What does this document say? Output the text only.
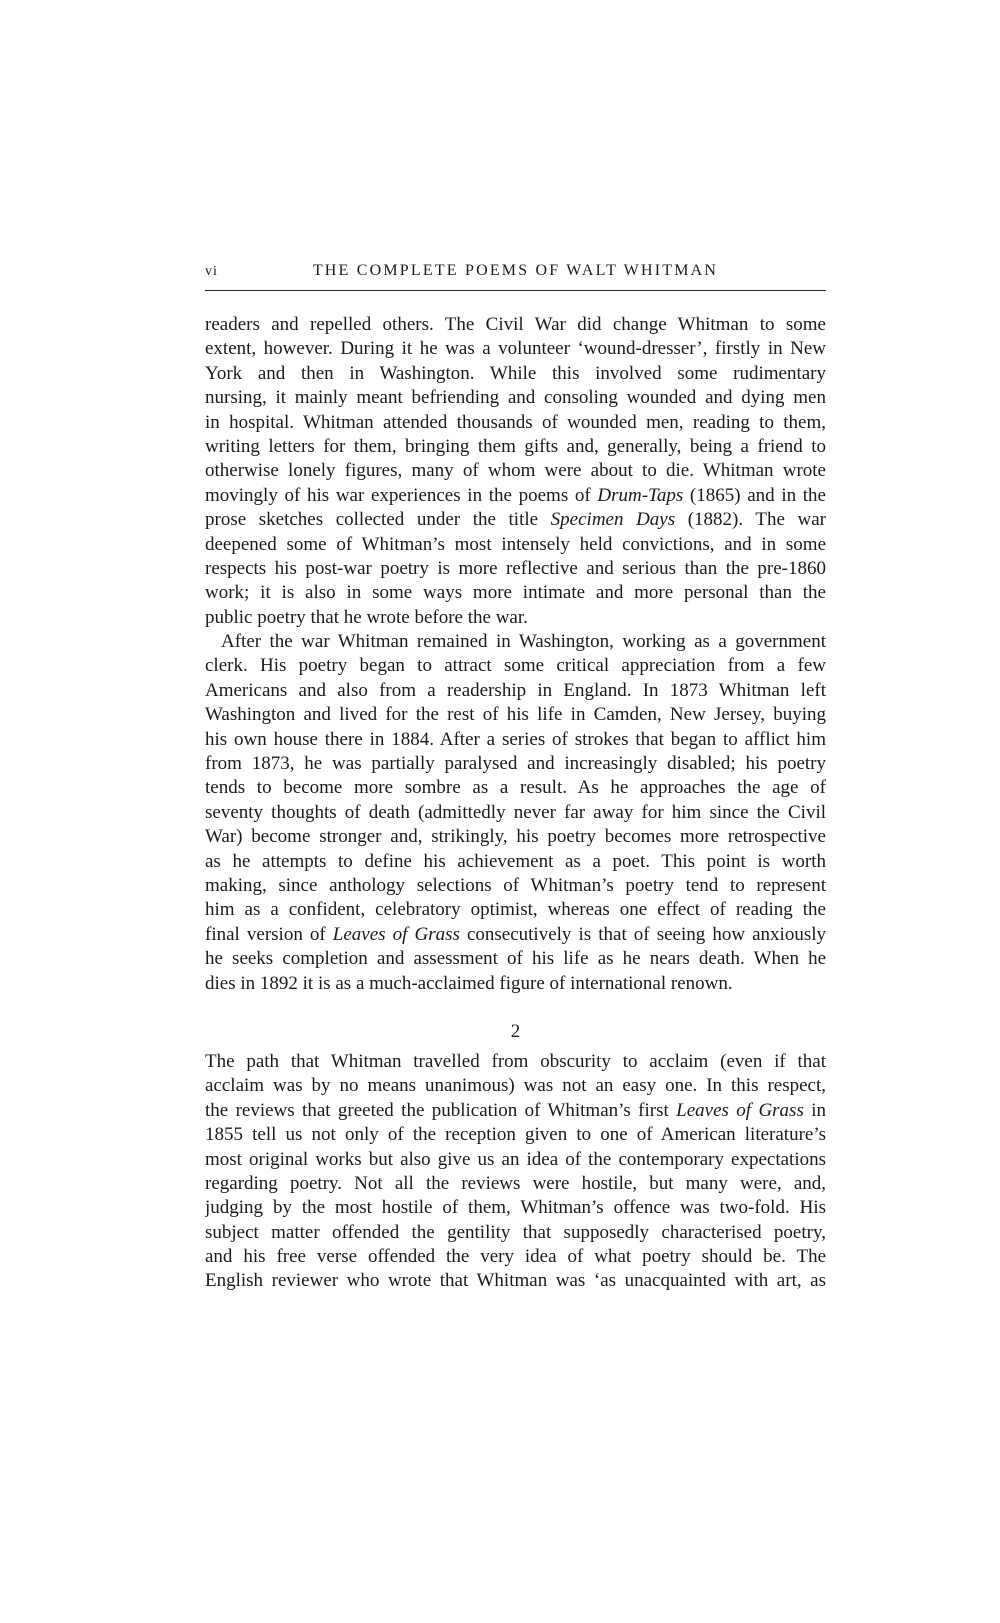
vi	THE COMPLETE POEMS OF WALT WHITMAN
readers and repelled others. The Civil War did change Whitman to some
extent, however. During it he was a volunteer ‘wound-dresser’, firstly in New
York and then in Washington. While this involved some rudimentary
nursing, it mainly meant befriending and consoling wounded and dying men
in hospital. Whitman attended thousands of wounded men, reading to them,
writing letters for them, bringing them gifts and, generally, being a friend to
otherwise lonely figures, many of whom were about to die. Whitman wrote
movingly of his war experiences in the poems of Drum-Taps (1865) and in the
prose sketches collected under the title Specimen Days (1882). The war
deepened some of Whitman’s most intensely held convictions, and in some
respects his post-war poetry is more reflective and serious than the pre-1860
work; it is also in some ways more intimate and more personal than the
public poetry that he wrote before the war.
After the war Whitman remained in Washington, working as a government
clerk. His poetry began to attract some critical appreciation from a few
Americans and also from a readership in England. In 1873 Whitman left
Washington and lived for the rest of his life in Camden, New Jersey, buying
his own house there in 1884. After a series of strokes that began to afflict him
from 1873, he was partially paralysed and increasingly disabled; his poetry
tends to become more sombre as a result. As he approaches the age of
seventy thoughts of death (admittedly never far away for him since the Civil
War) become stronger and, strikingly, his poetry becomes more retrospective
as he attempts to define his achievement as a poet. This point is worth
making, since anthology selections of Whitman’s poetry tend to represent
him as a confident, celebratory optimist, whereas one effect of reading the
final version of Leaves of Grass consecutively is that of seeing how anxiously
he seeks completion and assessment of his life as he nears death. When he
dies in 1892 it is as a much-acclaimed figure of international renown.
2
The path that Whitman travelled from obscurity to acclaim (even if that
acclaim was by no means unanimous) was not an easy one. In this respect,
the reviews that greeted the publication of Whitman’s first Leaves of Grass in
1855 tell us not only of the reception given to one of American literature’s
most original works but also give us an idea of the contemporary expectations
regarding poetry. Not all the reviews were hostile, but many were, and,
judging by the most hostile of them, Whitman’s offence was two-fold. His
subject matter offended the gentility that supposedly characterised poetry,
and his free verse offended the very idea of what poetry should be. The
English reviewer who wrote that Whitman was ‘as unacquainted with art, as
